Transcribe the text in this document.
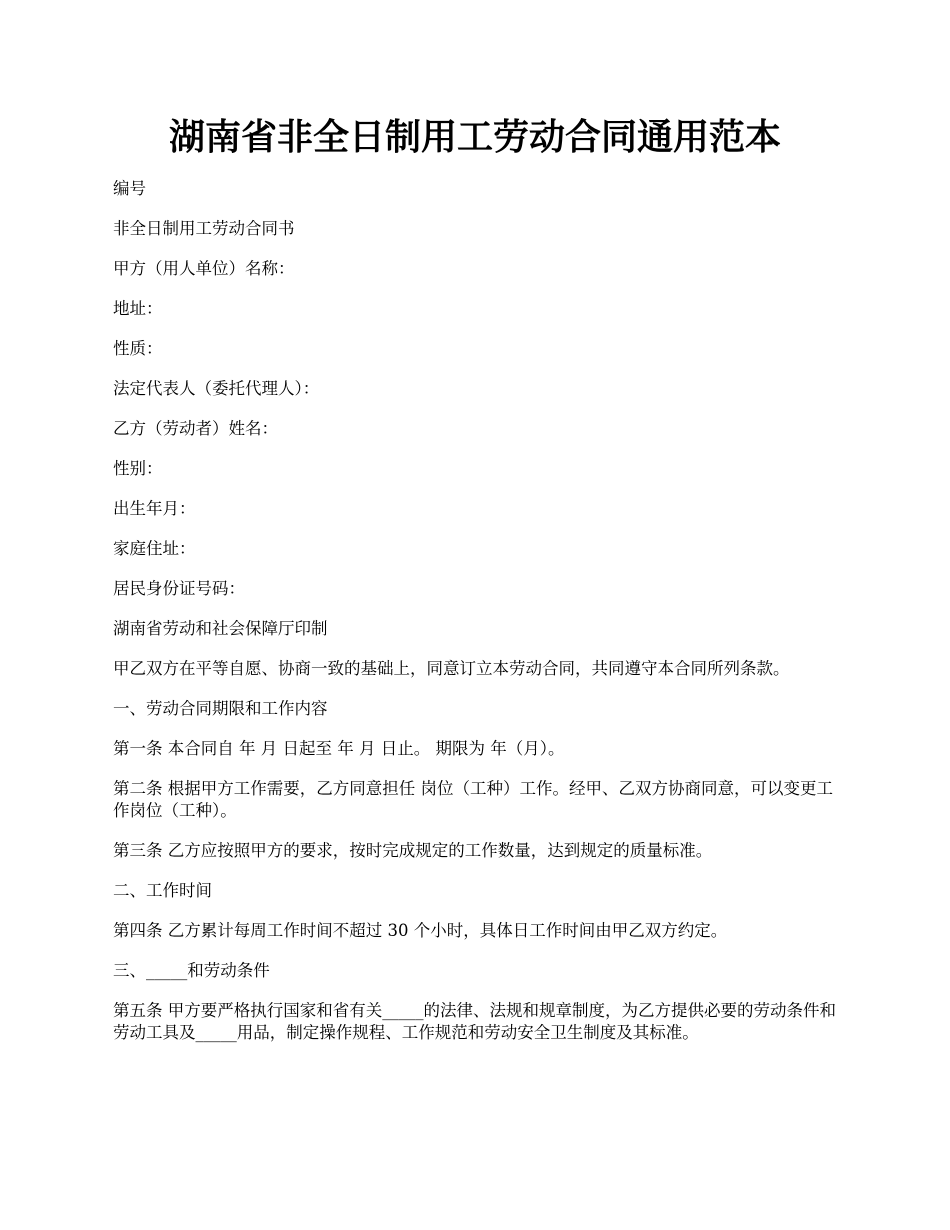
湖南省非全日制用工劳动合同通用范本

编号

非全日制用工劳动合同书

甲方（用人单位）名称：

地址：

性质：

法定代表人（委托代理人）：

乙方（劳动者）姓名：

性别：

出生年月：

家庭住址：

居民身份证号码：

湖南省劳动和社会保障厅印制

甲乙双方在平等自愿、协商一致的基础上，同意订立本劳动合同，共同遵守本合同所列条款。

一、劳动合同期限和工作内容

第一条 本合同自 年 月 日起至 年 月 日止。 期限为 年（月）。

第二条 根据甲方工作需要，乙方同意担任 岗位（工种）工作。经甲、乙双方协商同意，可以变更工作岗位（工种）。

第三条 乙方应按照甲方的要求，按时完成规定的工作数量，达到规定的质量标准。

二、工作时间

第四条 乙方累计每周工作时间不超过 30 个小时，具体日工作时间由甲乙双方约定。

三、_____和劳动条件

第五条 甲方要严格执行国家和省有关_____的法律、法规和规章制度，为乙方提供必要的劳动条件和劳动工具及_____用品，制定操作规程、工作规范和劳动安全卫生制度及其标准。
